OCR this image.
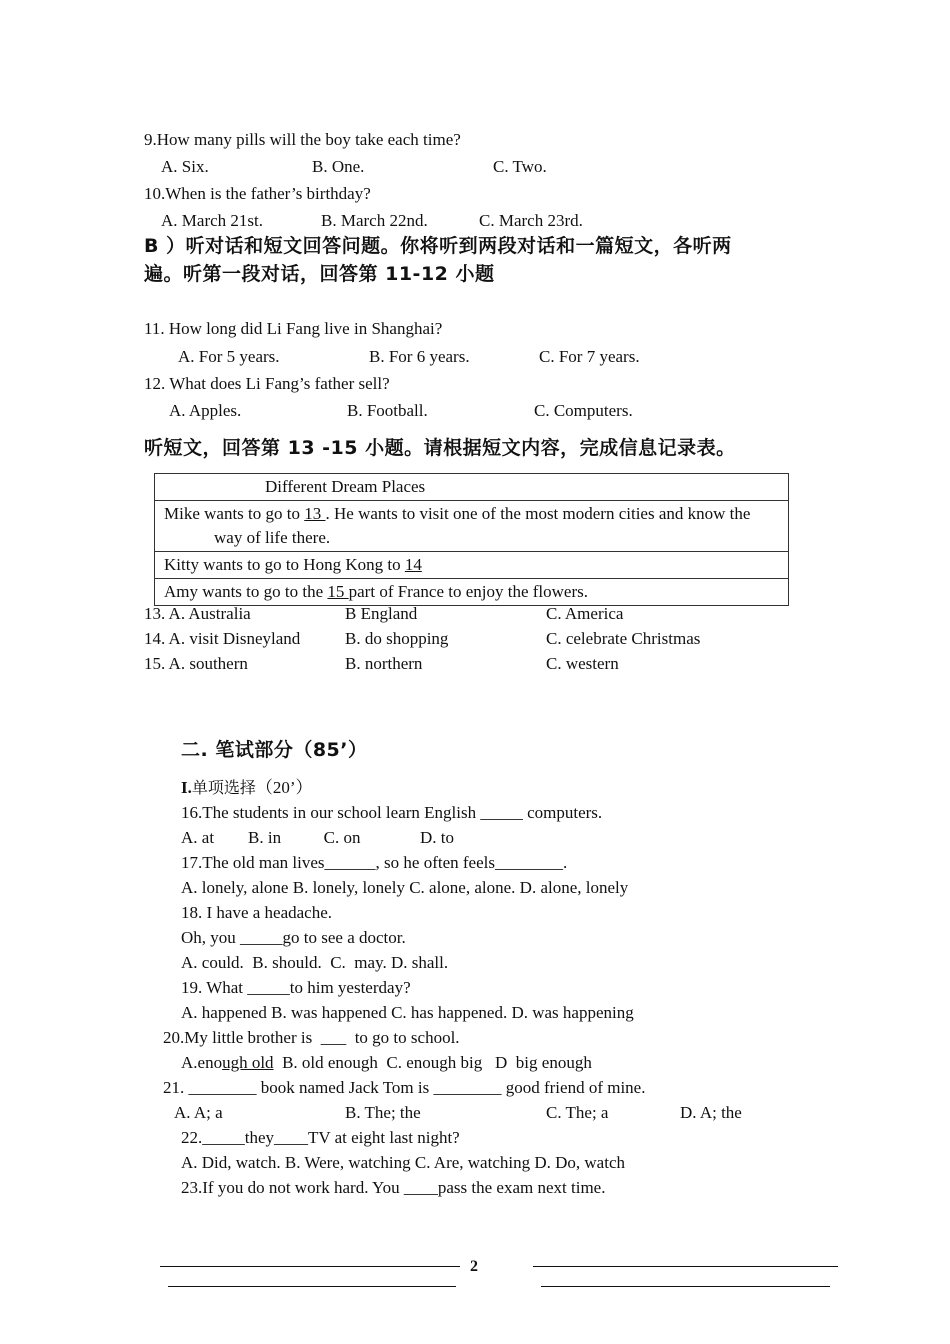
9.How many pills will the boy take each time?
A. Six.	B. One.	C. Two.
10.When is the father’s birthday?
A. March 21st.	B. March 22nd.	C. March 23rd.
B ）听对话和短文回答问题。你将听到两段对话和一篇短文，各听两
遍。听第一段对话，回答第 11-12 小题
11. How long did Li Fang live in Shanghai?
A. For 5 years.	B. For 6 years.	C. For 7 years.
12. What does Li Fang’s father sell?
A. Apples.	B. Football.	C. Computers.
听短文，回答第 13 -15 小题。请根据短文内容，完成信息记录表。
Different Dream Places

Mike wants to go to 13 . He wants to visit one of the most modern cities and know the way of life there.

Kitty wants to go to Hong Kong to 14
Amy wants to go to the 15 part of France to enjoy the flowers.
13. A. Australia	B England	C. America
14. A. visit Disneyland	B. do shopping	C. celebrate Christmas
15. A. southern	B. northern	C. western
二. 笔试部分（85’）
I.单项选择（20’）
16.The students in our school learn English _____ computers.
A. at        B. in          C. on              D. to
17.The old man lives______, so he often feels________.
A. lonely, alone B. lonely, lonely C. alone, alone. D. alone, lonely
18. I have a headache.
Oh, you _____go to see a doctor.
A. could.  B. should.  C.  may. D. shall.
19. What _____to him yesterday?
A. happened B. was happened C. has happened. D. was happening
20.My little brother is  ___  to go to school.
A.enough old  B. old enough  C. enough big   D  big enough
21. ________ book named Jack Tom is ________ good friend of mine.
A. A; a	B. The; the	C. The; a	D. A; the
22._____they____TV at eight last night?
A. Did, watch. B. Were, watching C. Are, watching D. Do, watch
23.If you do not work hard. You ____pass the exam next time.
2
